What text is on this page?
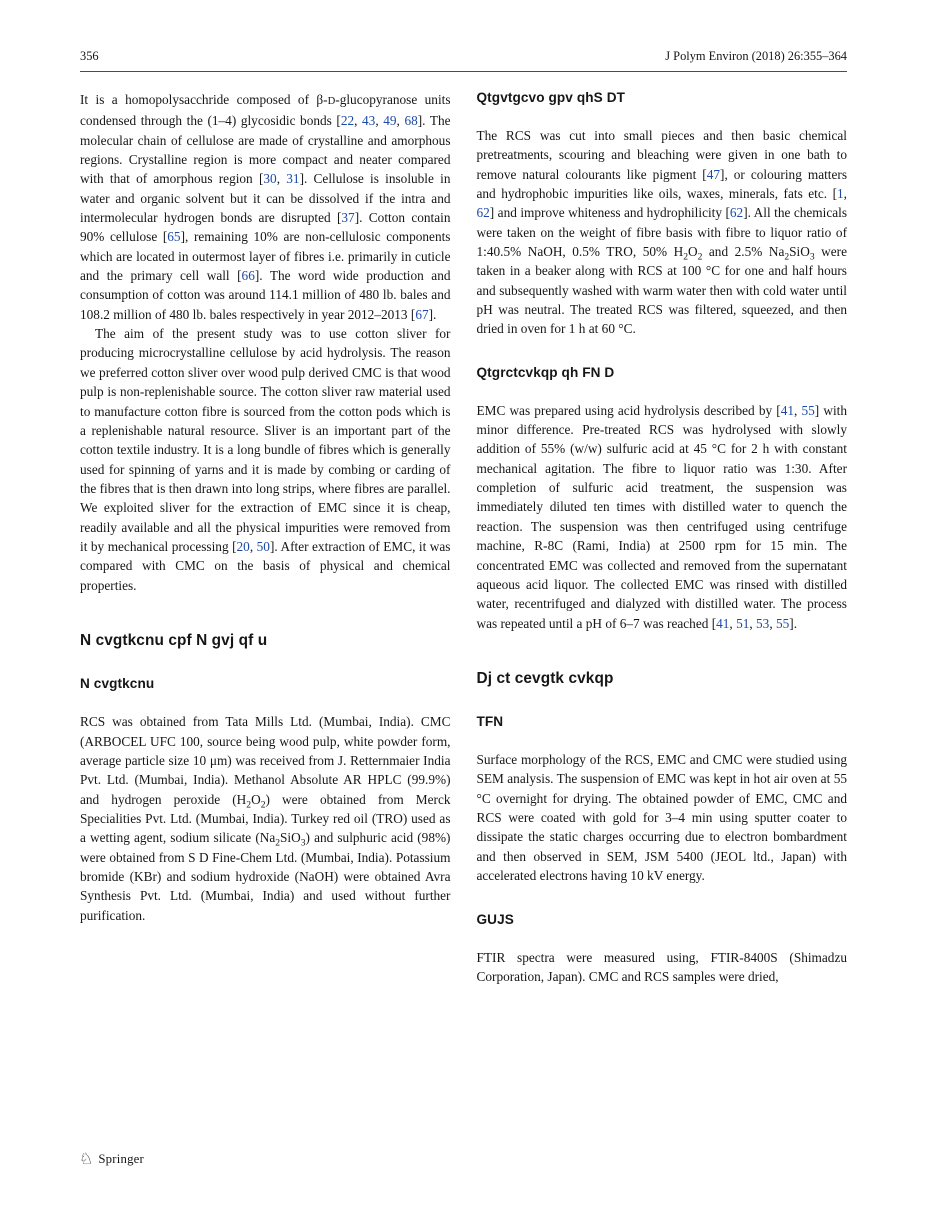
356	J Polym Environ (2018) 26:355–364

It is a homopolysacchride composed of β-D-glucopyranose units condensed through the (1–4) glycosidic bonds [22, 43, 49, 68]. The molecular chain of cellulose are made of crystalline and amorphous regions. Crystalline region is more compact and neater compared with that of amorphous region [30, 31]. Cellulose is insoluble in water and organic solvent but it can be dissolved if the intra and intermolecular hydrogen bonds are disrupted [37]. Cotton contain 90% cellulose [65], remaining 10% are non-cellulosic components which are located in outermost layer of fibres i.e. primarily in cuticle and the primary cell wall [66]. The word wide production and consumption of cotton was around 114.1 million of 480 lb. bales and 108.2 million of 480 lb. bales respectively in year 2012–2013 [67].

The aim of the present study was to use cotton sliver for producing microcrystalline cellulose by acid hydrolysis. The reason we preferred cotton sliver over wood pulp derived CMC is that wood pulp is non-replenishable source. The cotton sliver raw material used to manufacture cotton fibre is sourced from the cotton pods which is a replenishable natural resource. Sliver is an important part of the cotton textile industry. It is a long bundle of fibres which is generally used for spinning of yarns and it is made by combing or carding of the fibres that is then drawn into long strips, where fibres are parallel. We exploited sliver for the extraction of EMC since it is cheap, readily available and all the physical impurities were removed from it by mechanical processing [20, 50]. After extraction of EMC, it was compared with CMC on the basis of physical and chemical properties.

N cvgtkcnu cpf N gvj qf u
N cvgtkcnu

RCS was obtained from Tata Mills Ltd. (Mumbai, India). CMC (ARBOCEL UFC 100, source being wood pulp, white powder form, average particle size 10 μm) was received from J. Retternmaier India Pvt. Ltd. (Mumbai, India). Methanol Absolute AR HPLC (99.9%) and hydrogen peroxide $(H_2O_2)$ were obtained from Merck Specialities Pvt. Ltd. (Mumbai, India). Turkey red oil (TRO) used as a wetting agent, sodium silicate $(Na_2SiO_3)$ and sulphuric acid (98%) were obtained from S D Fine-Chem Ltd. (Mumbai, India). Potassium bromide (KBr) and sodium hydroxide (NaOH) were obtained Avra Synthesis Pvt. Ltd. (Mumbai, India) and used without further purification.

Qtgvtgcvo gpv qhS DT

The RCS was cut into small pieces and then basic chemical pretreatments, scouring and bleaching were given in one bath to remove natural colourants like pigment [47], or colouring matters and hydrophobic impurities like oils, waxes, minerals, fats etc. [1, 62] and improve whiteness and hydrophilicity [62]. All the chemicals were taken on the weight of fibre basis with fibre to liquor ratio of 1:40.5% NaOH, 0.5% TRO, 50% $H_2O_2$ and 2.5% $Na_2SiO_3$ were taken in a beaker along with RCS at 100 °C for one and half hours and subsequently washed with warm water then with cold water until pH was neutral. The treated RCS was filtered, squeezed, and then dried in oven for 1 h at 60 °C.

Qtgrctcvkqp qh FN D

EMC was prepared using acid hydrolysis described by [41, 55] with minor difference. Pre-treated RCS was hydrolysed with slowly addition of 55% (w/w) sulfuric acid at 45 °C for 2 h with constant mechanical agitation. The fibre to liquor ratio was 1:30. After completion of sulfuric acid treatment, the suspension was immediately diluted ten times with distilled water to quench the reaction. The suspension was then centrifuged using centrifuge machine, R-8C (Rami, India) at 2500 rpm for 15 min. The concentrated EMC was collected and removed from the supernatant aqueous acid liquor. The collected EMC was rinsed with distilled water, recentrifuged and dialyzed with distilled water. The process was repeated until a pH of 6–7 was reached [41, 51, 53, 55].

Dj ct cevgtk cvkqp
TFN

Surface morphology of the RCS, EMC and CMC were studied using SEM analysis. The suspension of EMC was kept in hot air oven at 55 °C overnight for drying. The obtained powder of EMC, CMC and RCS were coated with gold for 3–4 min using sputter coater to dissipate the static charges occurring due to electron bombardment and then observed in SEM, JSM 5400 (JEOL ltd., Japan) with accelerated electrons having 10 kV energy.

GUJS

FTIR spectra were measured using, FTIR-8400S (Shimadzu Corporation, Japan). CMC and RCS samples were dried,

♘
Springer
